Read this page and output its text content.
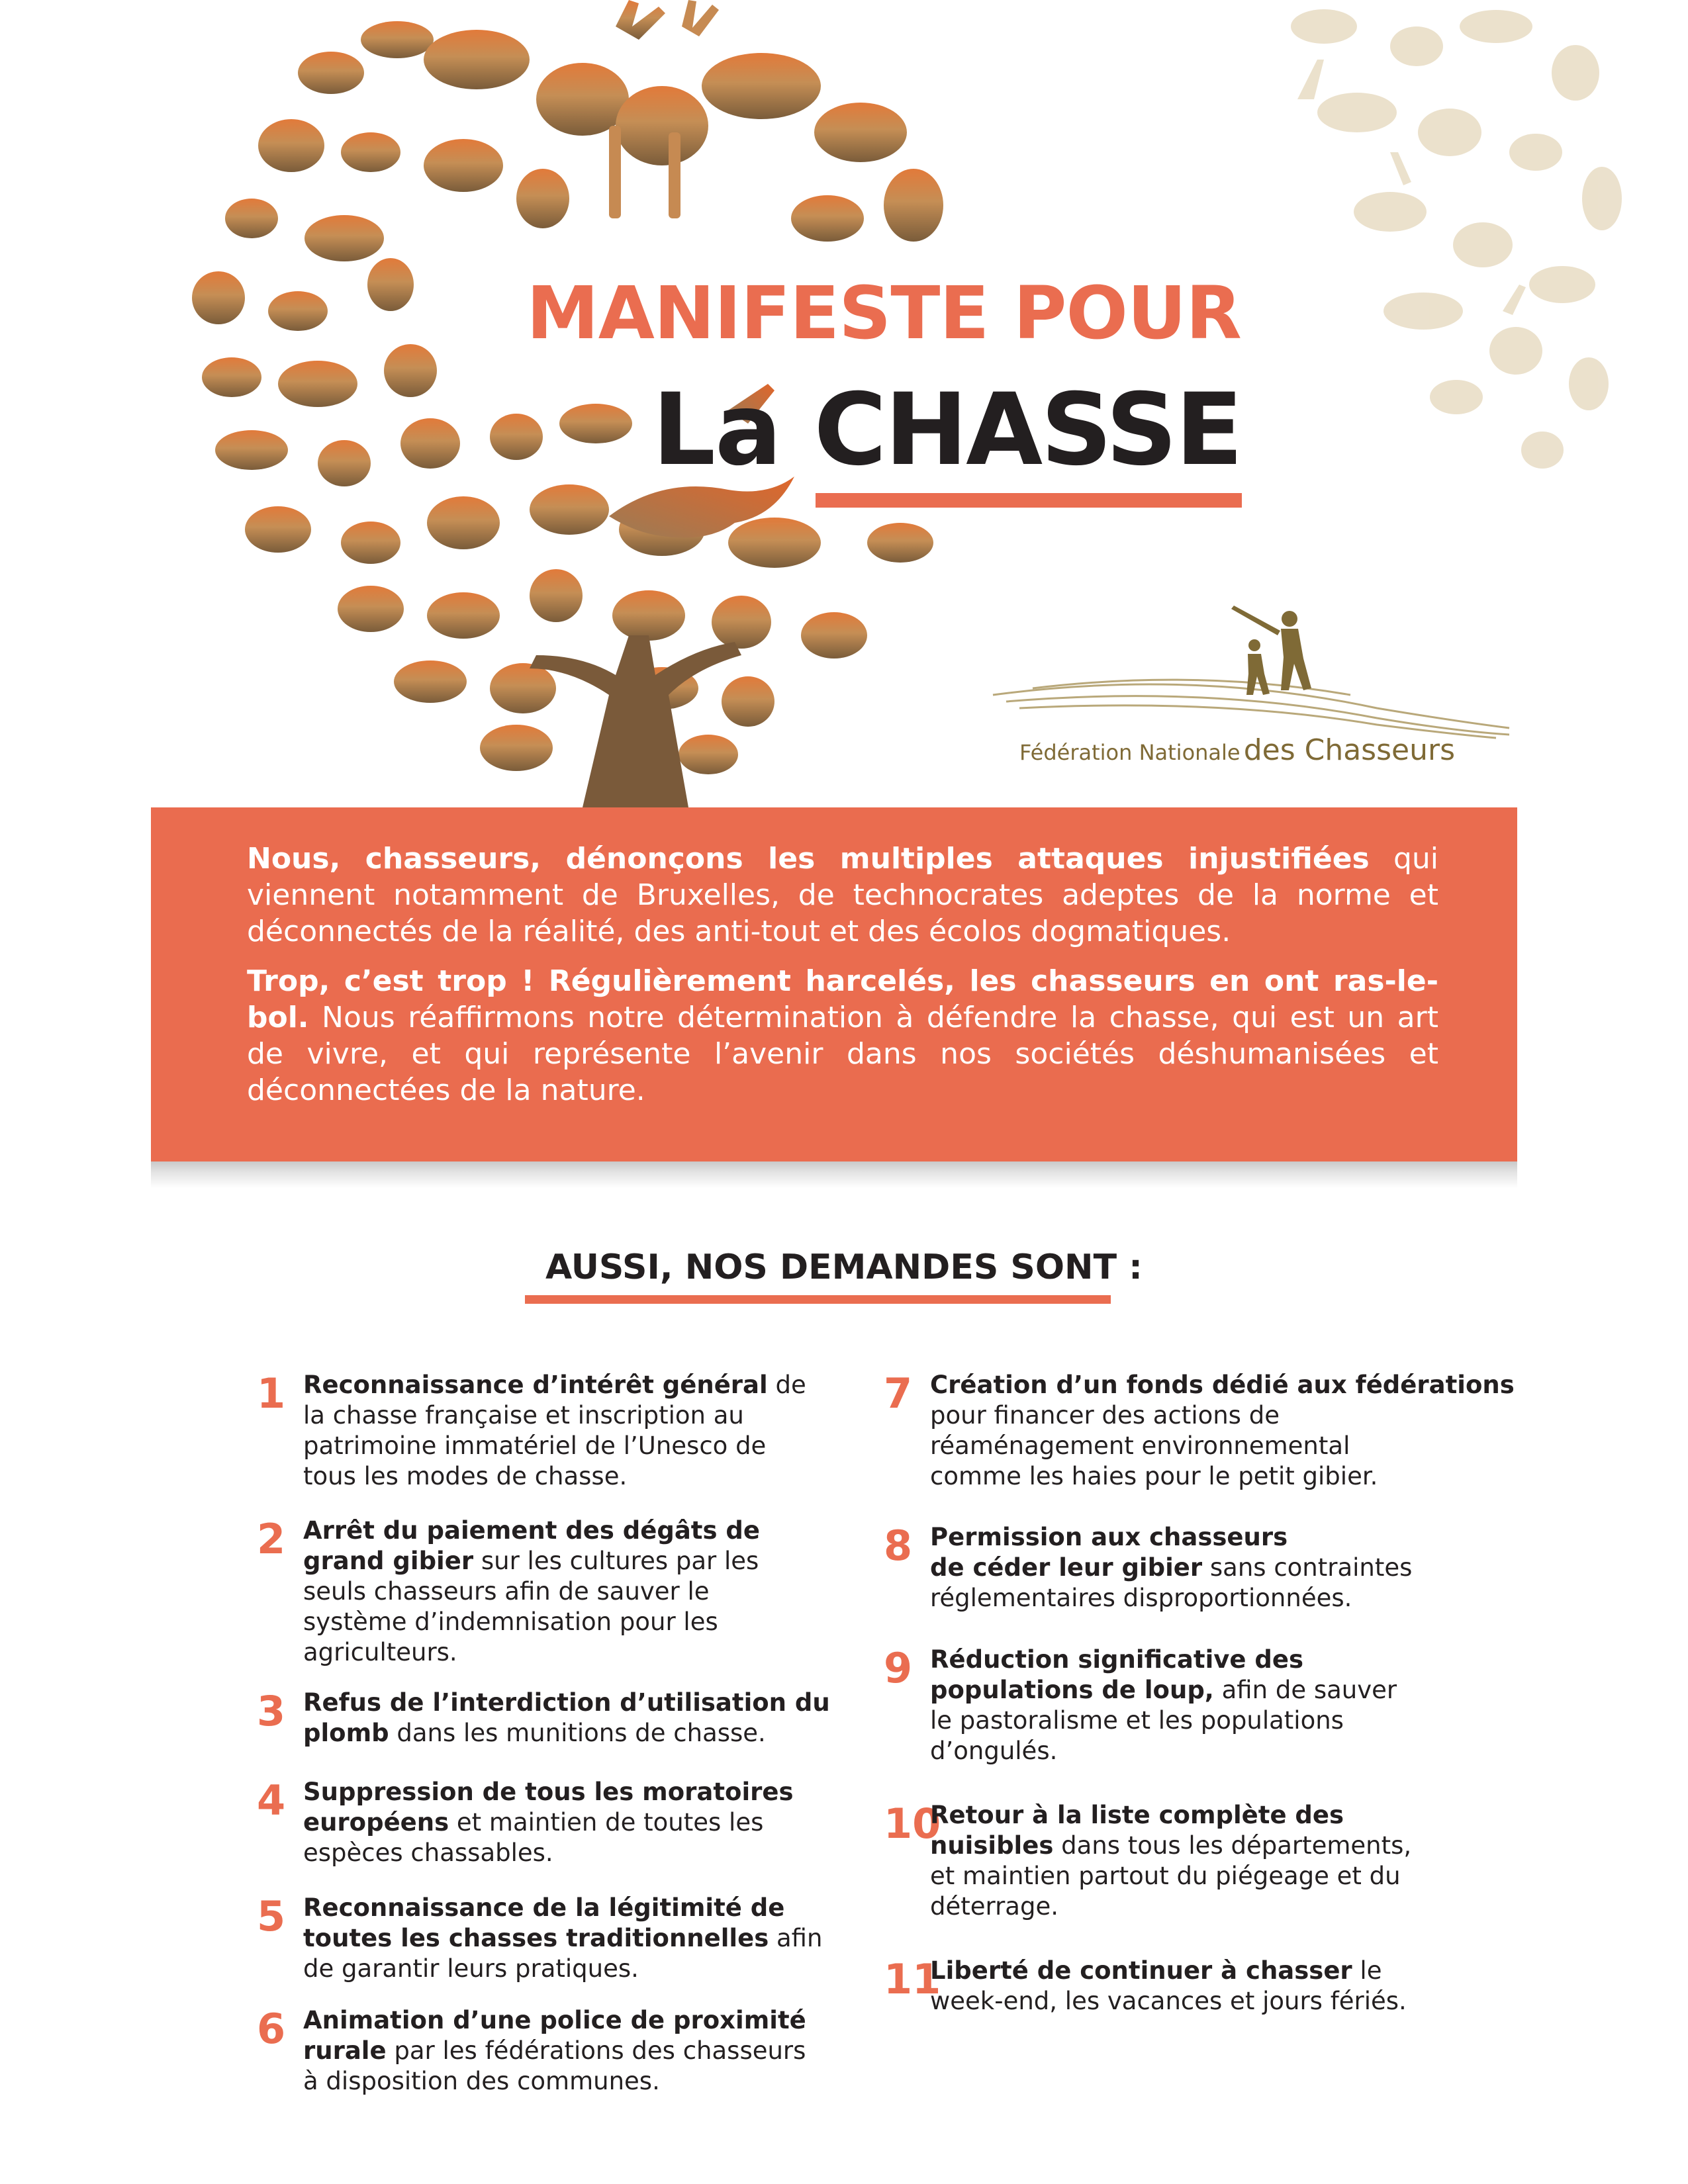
MANIFESTE POUR
La CHASSE
Fédération Nationale des Chasseurs

Nous, chasseurs, dénonçons les multiples attaques injustifiées qui viennent notamment de Bruxelles, de technocrates adeptes de la norme et déconnectés de la réalité, des anti-tout et des écolos dogmatiques.

Trop, c’est trop ! Régulièrement harcelés, les chasseurs en ont ras-le-bol. Nous réaffirmons notre détermination à défendre la chasse, qui est un art de vivre, et qui représente l’avenir dans nos sociétés déshumanisées et déconnectées de la nature.

AUSSI, NOS DEMANDES SONT :
1 Reconnaissance d’intérêt général de
la chasse française et inscription au
patrimoine immatériel de l’Unesco de
tous les modes de chasse.
2 Arrêt du paiement des dégâts de
grand gibier sur les cultures par les
seuls chasseurs afin de sauver le
système d’indemnisation pour les
agriculteurs.
3 Refus de l’interdiction d’utilisation du
plomb dans les munitions de chasse.
4 Suppression de tous les moratoires
européens et maintien de toutes les
espèces chassables.
5 Reconnaissance de la légitimité de
toutes les chasses traditionnelles afin
de garantir leurs pratiques.
6 Animation d’une police de proximité
rurale par les fédérations des chasseurs
à disposition des communes.
7 Création d’un fonds dédié aux fédérations
pour financer des actions de
réaménagement environnemental
comme les haies pour le petit gibier.
8 Permission aux chasseurs
de céder leur gibier sans contraintes
réglementaires disproportionnées.
9 Réduction significative des
populations de loup, afin de sauver
le pastoralisme et les populations
d’ongulés.
10
Retour à la liste complète des
nuisibles dans tous les départements,
et maintien partout du piégeage et du
déterrage.
11
Liberté de continuer à chasser le
week-end, les vacances et jours fériés.
